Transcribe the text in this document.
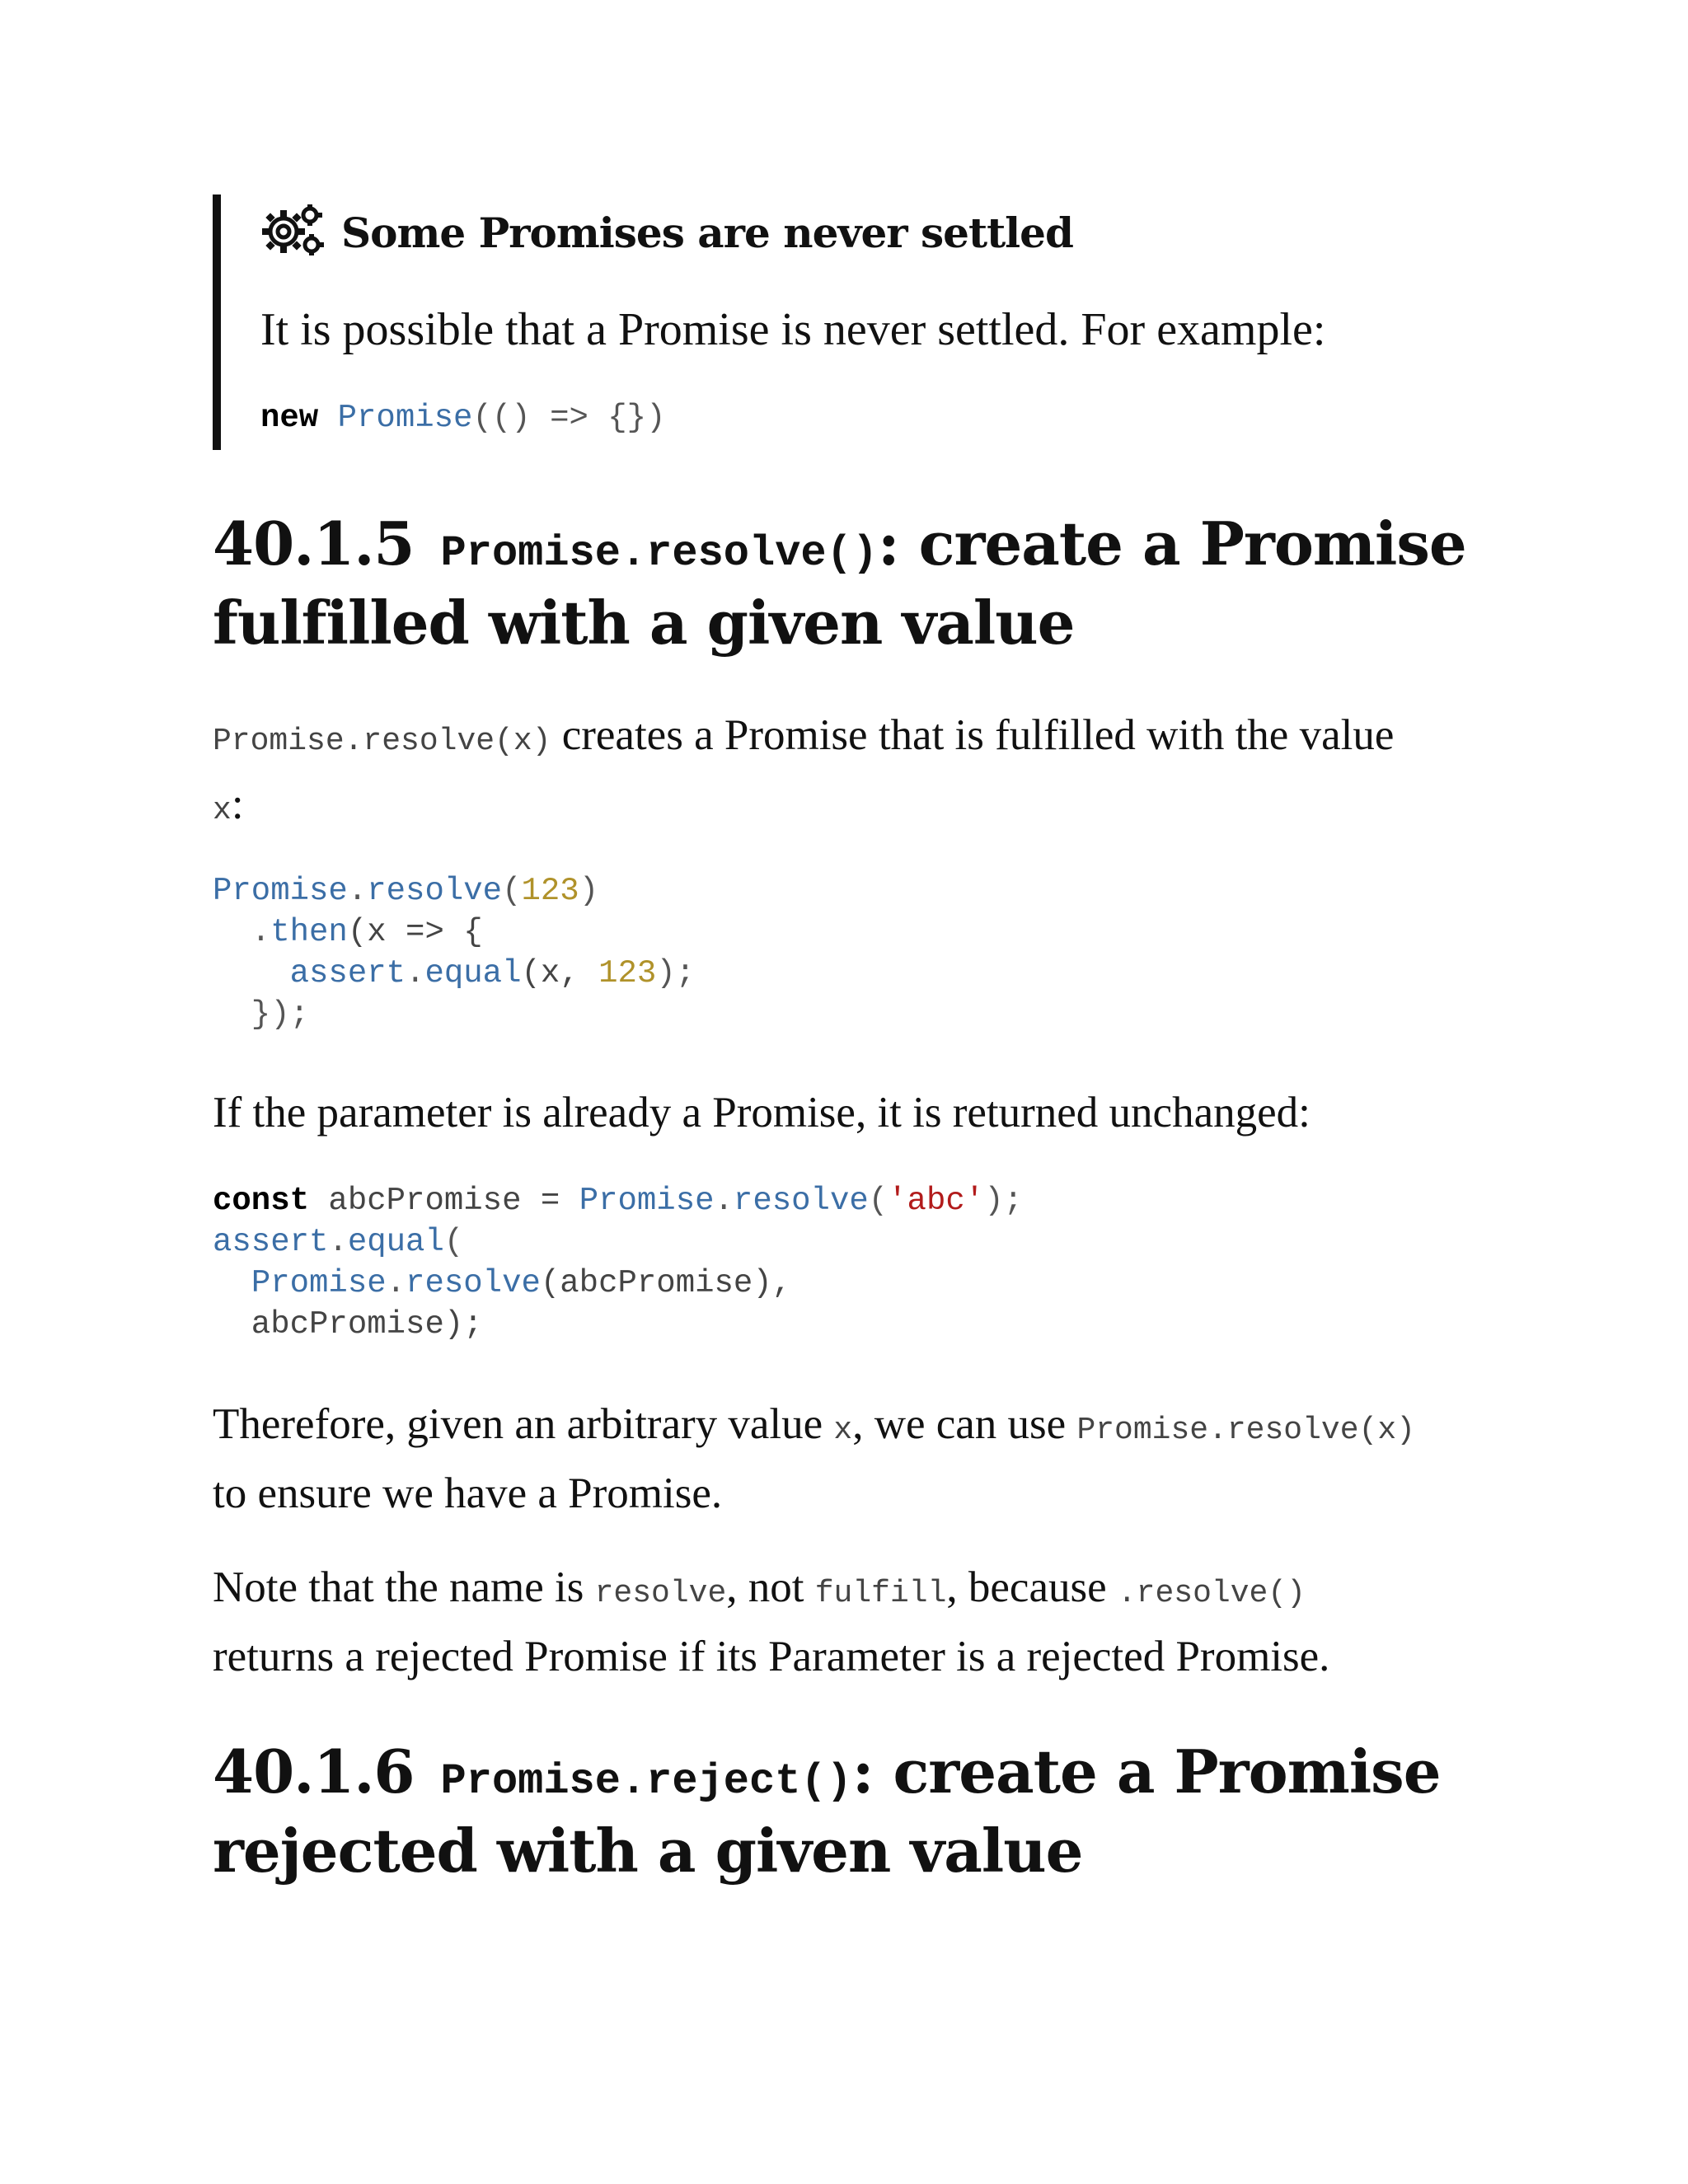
Some Promises are never settled
It is possible that a Promise is never settled. For example:
new Promise(() => {})
40.1.5 Promise.resolve(): create a Promise
fulfilled with a given value

Promise.resolve(x) creates a Promise that is fulfilled with the value
x:

Promise.resolve(123)
.then(x => {
assert.equal(x, 123);
});

If the parameter is already a Promise, it is returned unchanged:

const abcPromise = Promise.resolve('abc');
assert.equal(
Promise.resolve(abcPromise),
abcPromise);

Therefore, given an arbitrary value x, we can use Promise.resolve(x)
to ensure we have a Promise.

Note that the name is resolve, not fulfill, because .resolve()
returns a rejected Promise if its Parameter is a rejected Promise.

40.1.6 Promise.reject(): create a Promise
rejected with a given value
